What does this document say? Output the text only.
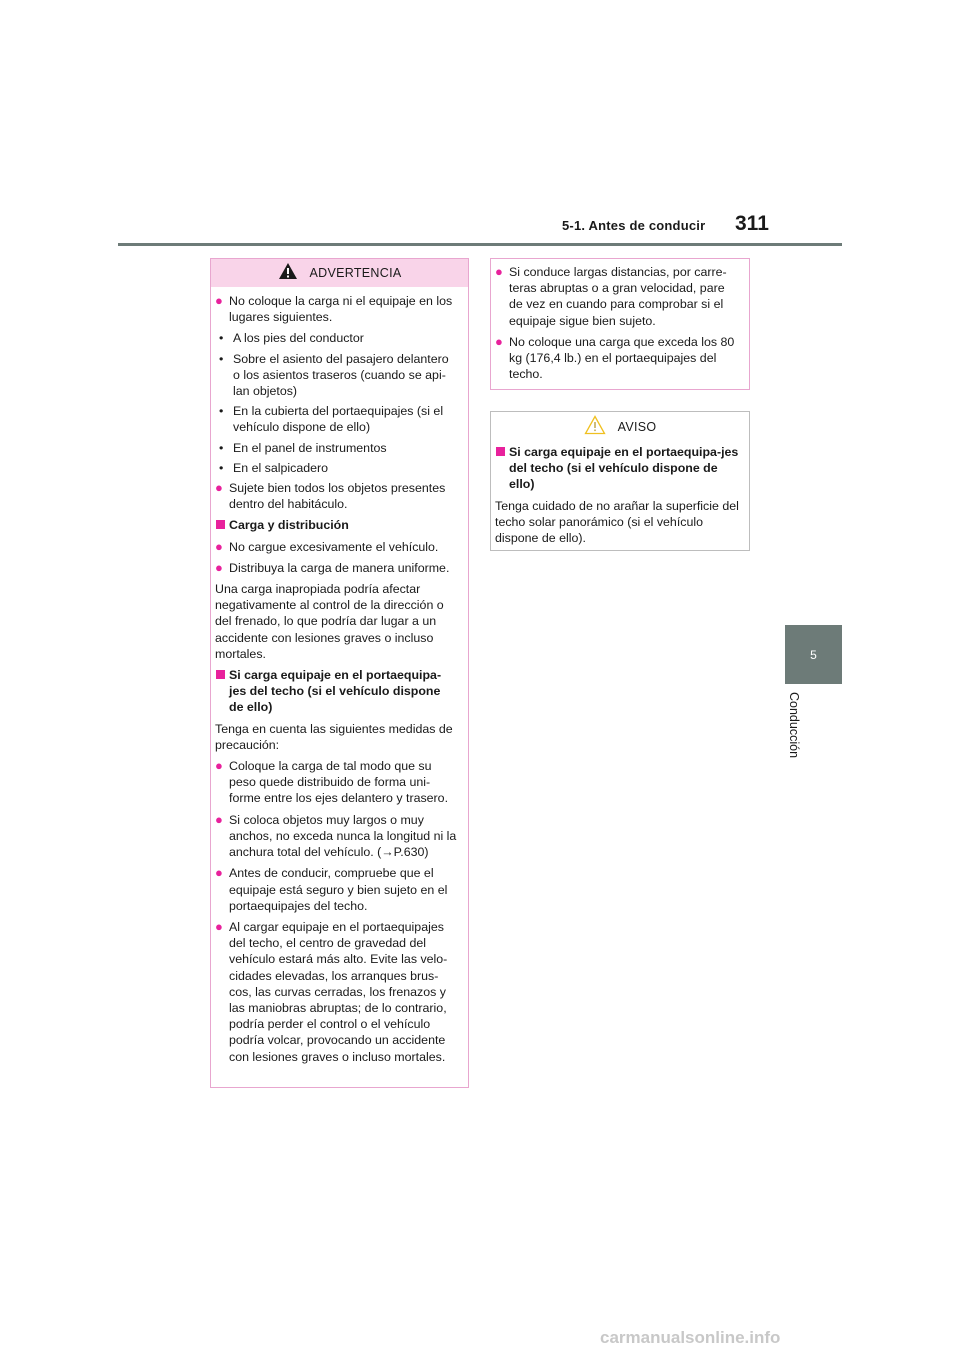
5-1. Antes de conducir 311
5
Conducción
ADVERTENCIA
● No coloque la carga ni el equipaje en los lugares siguientes.
• A los pies del conductor
• Sobre el asiento del pasajero delantero o los asientos traseros (cuando se api-lan objetos)
• En la cubierta del portaequipajes (si el vehículo dispone de ello)
• En el panel de instrumentos
• En el salpicadero
● Sujete bien todos los objetos presentes dentro del habitáculo.
Carga y distribución
● No cargue excesivamente el vehículo.
● Distribuya la carga de manera uniforme.
Una carga inapropiada podría afectar negativamente al control de la dirección o del frenado, lo que podría dar lugar a un accidente con lesiones graves o incluso mortales.
Si carga equipaje en el portaequipa-jes del techo (si el vehículo dispone de ello)
Tenga en cuenta las siguientes medidas de precaución:
● Coloque la carga de tal modo que su peso quede distribuido de forma uni-forme entre los ejes delantero y trasero.
● Si coloca objetos muy largos o muy anchos, no exceda nunca la longitud ni la anchura total del vehículo. (→P.630)
● Antes de conducir, compruebe que el equipaje está seguro y bien sujeto en el portaequipajes del techo.
● Al cargar equipaje en el portaequipajes del techo, el centro de gravedad del vehículo estará más alto. Evite las velo-cidades elevadas, los arranques brus-cos, las curvas cerradas, los frenazos y las maniobras abruptas; de lo contrario, podría perder el control o el vehículo podría volcar, provocando un accidente con lesiones graves o incluso mortales.
● Si conduce largas distancias, por carre-teras abruptas o a gran velocidad, pare de vez en cuando para comprobar si el equipaje sigue bien sujeto.
● No coloque una carga que exceda los 80 kg (176,4 lb.) en el portaequipajes del techo.
AVISO
Si carga equipaje en el portaequipa-jes del techo (si el vehículo dispone de ello)
Tenga cuidado de no arañar la superficie del techo solar panorámico (si el vehículo dispone de ello).
carmanualsonline.info
